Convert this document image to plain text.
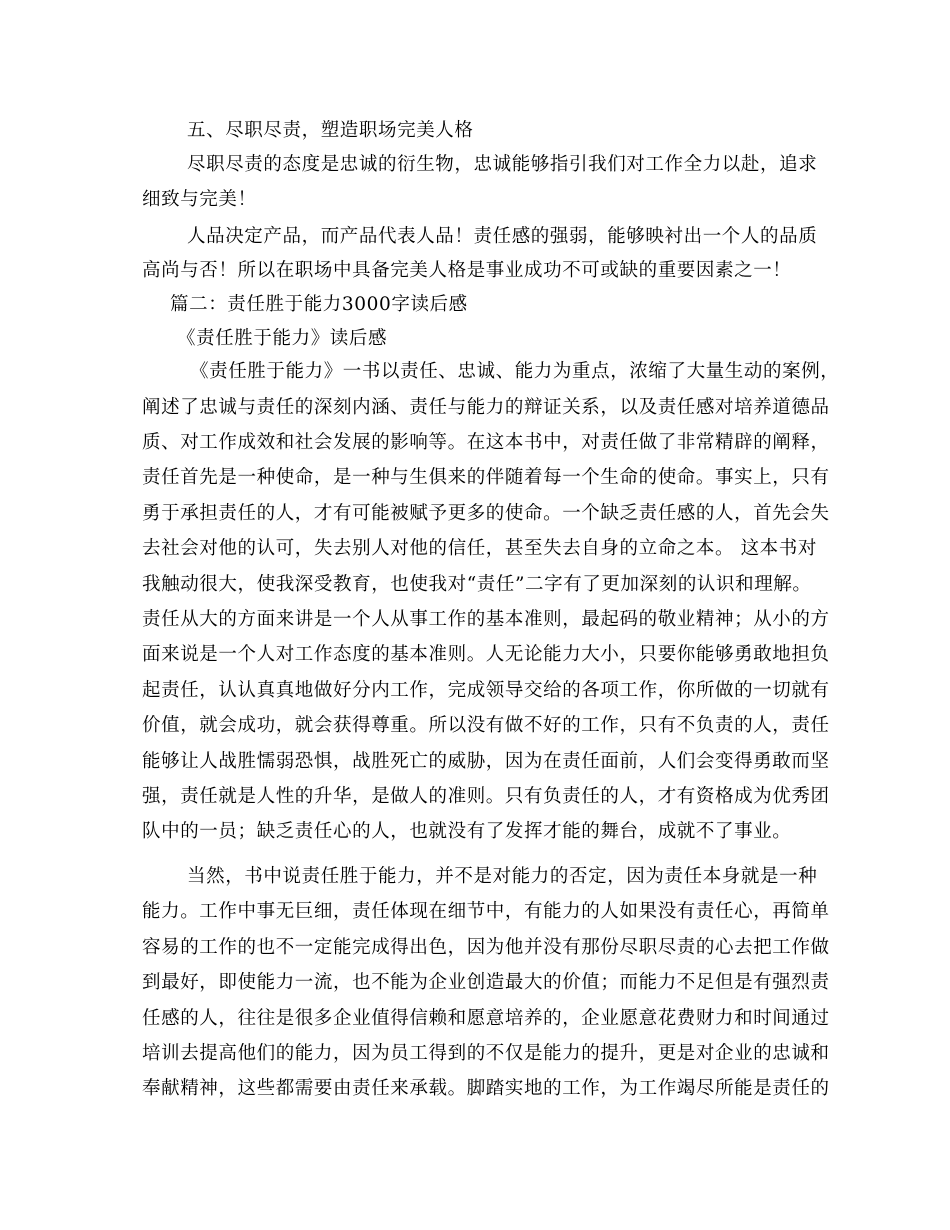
五、尽职尽责，塑造职场完美人格
尽职尽责的态度是忠诚的衍生物，忠诚能够指引我们对工作全力以赴，追求
细致与完美！
人品决定产品，而产品代表人品！责任感的强弱，能够映衬出一个人的品质
高尚与否！所以在职场中具备完美人格是事业成功不可或缺的重要因素之一！
篇二：责任胜于能力3000字读后感
《责任胜于能力》读后感
《责任胜于能力》一书以责任、忠诚、能力为重点，浓缩了大量生动的案例，
阐述了忠诚与责任的深刻内涵、责任与能力的辩证关系，以及责任感对培养道德品
质、对工作成效和社会发展的影响等。在这本书中，对责任做了非常精辟的阐释，
责任首先是一种使命，是一种与生俱来的伴随着每一个生命的使命。事实上，只有
勇于承担责任的人，才有可能被赋予更多的使命。一个缺乏责任感的人，首先会失
去社会对他的认可，失去别人对他的信任，甚至失去自身的立命之本。 这本书对
我触动很大，使我深受教育，也使我对“责任”二字有了更加深刻的认识和理解。
责任从大的方面来讲是一个人从事工作的基本准则，最起码的敬业精神；从小的方
面来说是一个人对工作态度的基本准则。人无论能力大小，只要你能够勇敢地担负
起责任，认认真真地做好分内工作，完成领导交给的各项工作，你所做的一切就有
价值，就会成功，就会获得尊重。所以没有做不好的工作，只有不负责的人，责任
能够让人战胜懦弱恐惧，战胜死亡的威胁，因为在责任面前，人们会变得勇敢而坚
强，责任就是人性的升华，是做人的准则。只有负责任的人，才有资格成为优秀团
队中的一员；缺乏责任心的人，也就没有了发挥才能的舞台，成就不了事业。
当然，书中说责任胜于能力，并不是对能力的否定，因为责任本身就是一种
能力。工作中事无巨细，责任体现在细节中，有能力的人如果没有责任心，再简单
容易的工作的也不一定能完成得出色，因为他并没有那份尽职尽责的心去把工作做
到最好，即使能力一流，也不能为企业创造最大的价值；而能力不足但是有强烈责
任感的人，往往是很多企业值得信赖和愿意培养的，企业愿意花费财力和时间通过
培训去提高他们的能力，因为员工得到的不仅是能力的提升，更是对企业的忠诚和
奉献精神，这些都需要由责任来承载。脚踏实地的工作，为工作竭尽所能是责任的
